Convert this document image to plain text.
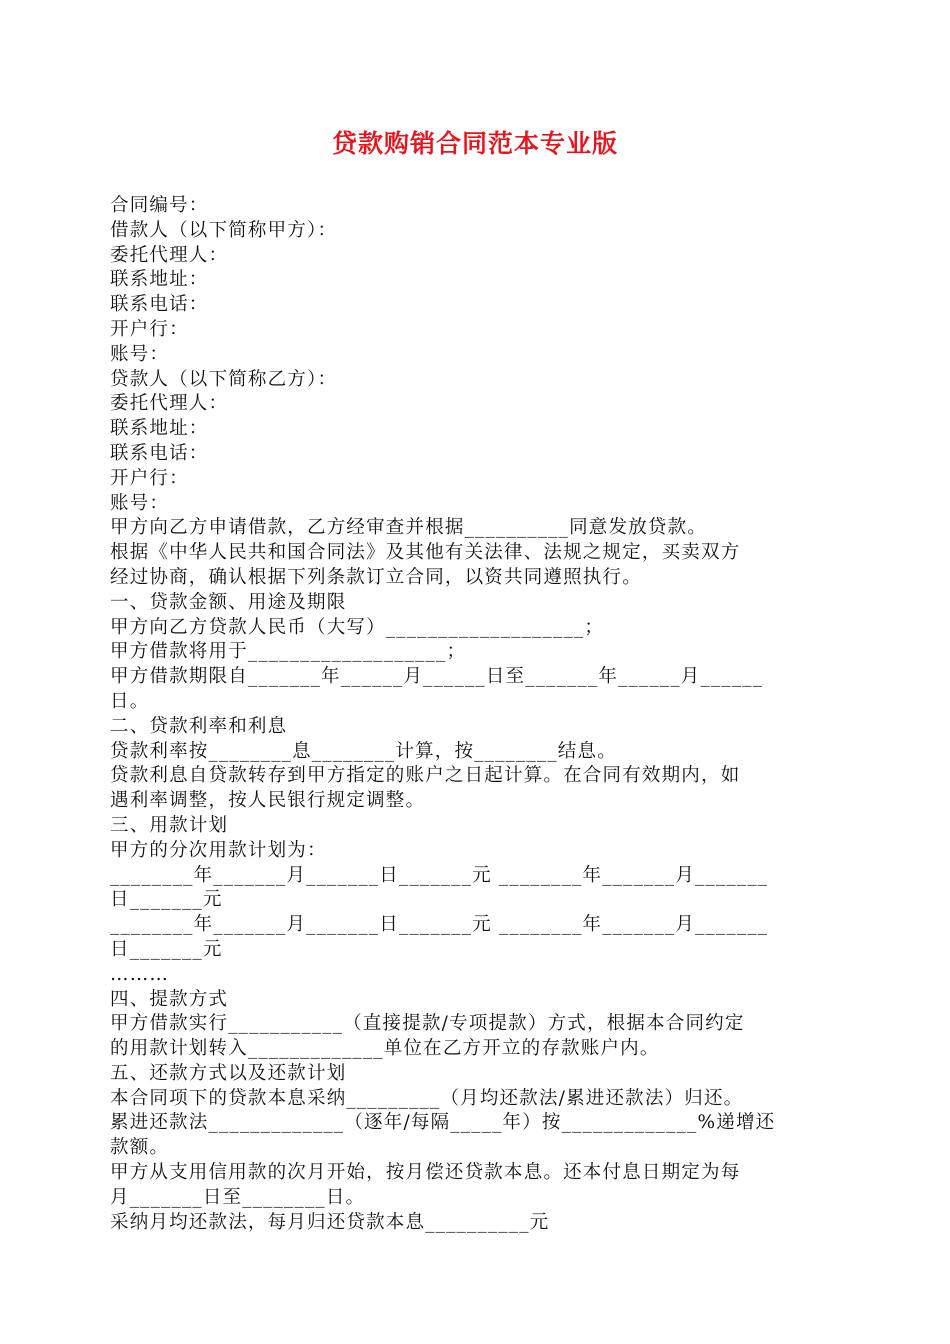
贷款购销合同范本专业版
合同编号：
借款人（以下简称甲方）：
委托代理人：
联系地址：
联系电话：
开户行：
账号：
贷款人（以下简称乙方）：
委托代理人：
联系地址：
联系电话：
开户行：
账号：
甲方向乙方申请借款，乙方经审查并根据__________同意发放贷款。
根据《中华人民共和国合同法》及其他有关法律、法规之规定，买卖双方
经过协商，确认根据下列条款订立合同，以资共同遵照执行。
一、贷款金额、用途及期限
甲方向乙方贷款人民币（大写）___________________；
甲方借款将用于___________________；
甲方借款期限自_______年______月______日至_______年______月______
日。
二、贷款利率和利息
贷款利率按________息________计算，按________结息。
贷款利息自贷款转存到甲方指定的账户之日起计算。在合同有效期内，如
遇利率调整，按人民银行规定调整。
三、用款计划
甲方的分次用款计划为：
________年_______月_______日_______元 ________年_______月_______
日_______元
________年_______月_______日_______元 ________年_______月_______
日_______元
………
四、提款方式
甲方借款实行___________（直接提款/专项提款）方式，根据本合同约定
的用款计划转入_____________单位在乙方开立的存款账户内。
五、还款方式以及还款计划
本合同项下的贷款本息采纳_________（月均还款法/累进还款法）归还。
累进还款法_____________（逐年/每隔_____年）按_____________%递增还
款额。
甲方从支用信用款的次月开始，按月偿还贷款本息。还本付息日期定为每
月_______日至________日。
采纳月均还款法，每月归还贷款本息__________元
